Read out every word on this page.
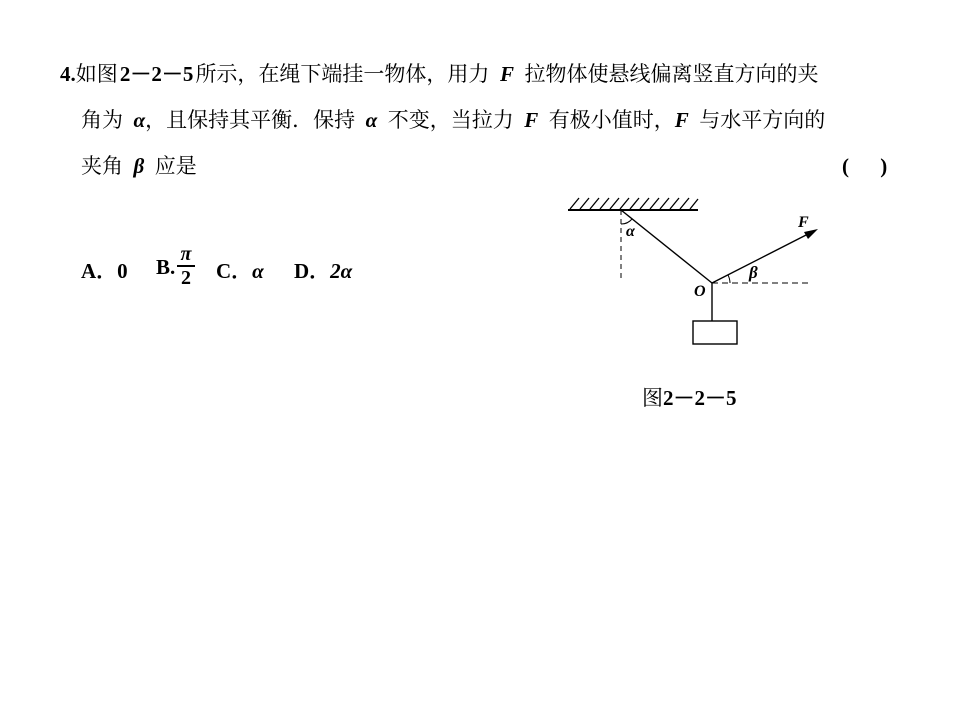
4.如图 2－2－5 所示，在绳下端挂一物体，用力  F  拉物体使悬线偏离竖直方向的夹
角为  α，且保持其平衡．保持  α  不变，当拉力  F  有极小值时，F  与水平方向的
夹角  β  应是	( )
A．0 B.
π
2 C．α D．2α
α
β
F
O
图2－2－5
